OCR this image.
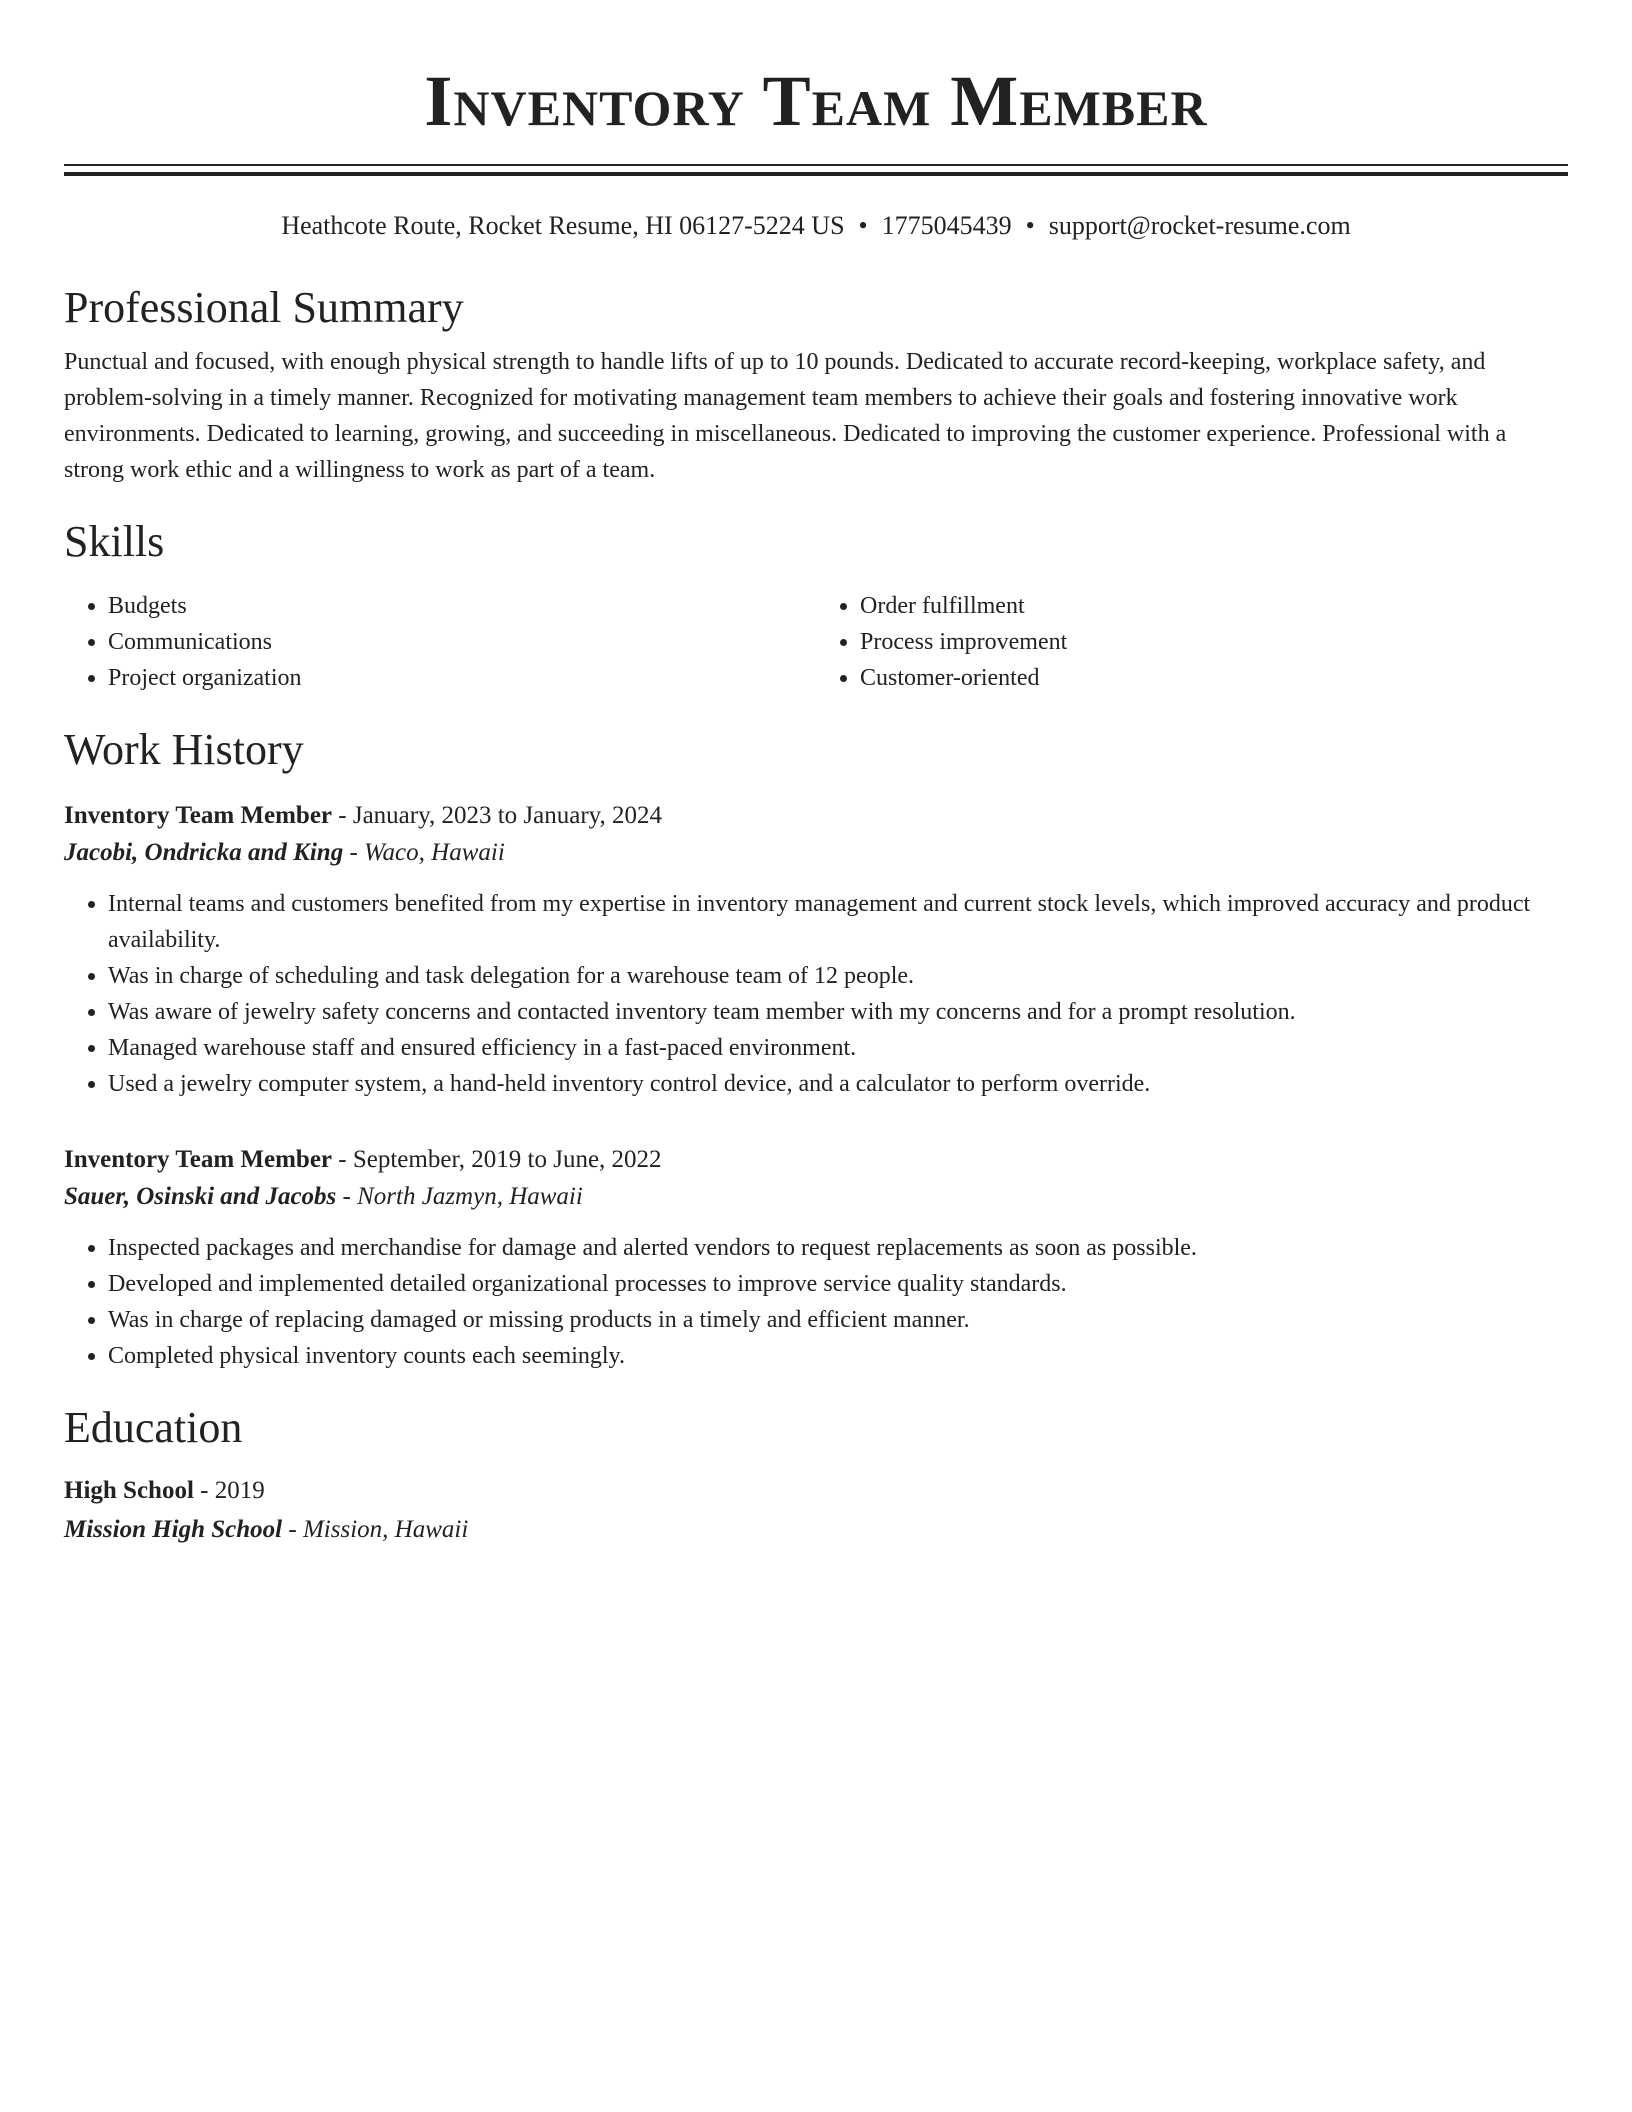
Inventory Team Member
Heathcote Route, Rocket Resume, HI 06127-5224 US • 1775045439 • support@rocket-resume.com
Professional Summary

Punctual and focused, with enough physical strength to handle lifts of up to 10 pounds. Dedicated to accurate record-keeping, workplace safety, and problem-solving in a timely manner. Recognized for motivating management team members to achieve their goals and fostering innovative work environments. Dedicated to learning, growing, and succeeding in miscellaneous. Dedicated to improving the customer experience. Professional with a strong work ethic and a willingness to work as part of a team.

Skills
• Budgets
• Communications
• Project organization
• Order fulfillment
• Process improvement
• Customer-oriented
Work History
Inventory Team Member - January, 2023 to January, 2024
Jacobi, Ondricka and King - Waco, Hawaii
• Internal teams and customers benefited from my expertise in inventory management and current stock levels, which improved accuracy and product availability.
• Was in charge of scheduling and task delegation for a warehouse team of 12 people.
• Was aware of jewelry safety concerns and contacted inventory team member with my concerns and for a prompt resolution.
• Managed warehouse staff and ensured efficiency in a fast-paced environment.
• Used a jewelry computer system, a hand-held inventory control device, and a calculator to perform override.
Inventory Team Member - September, 2019 to June, 2022
Sauer, Osinski and Jacobs - North Jazmyn, Hawaii
• Inspected packages and merchandise for damage and alerted vendors to request replacements as soon as possible.
• Developed and implemented detailed organizational processes to improve service quality standards.
• Was in charge of replacing damaged or missing products in a timely and efficient manner.
• Completed physical inventory counts each seemingly.
Education
High School - 2019
Mission High School - Mission, Hawaii
